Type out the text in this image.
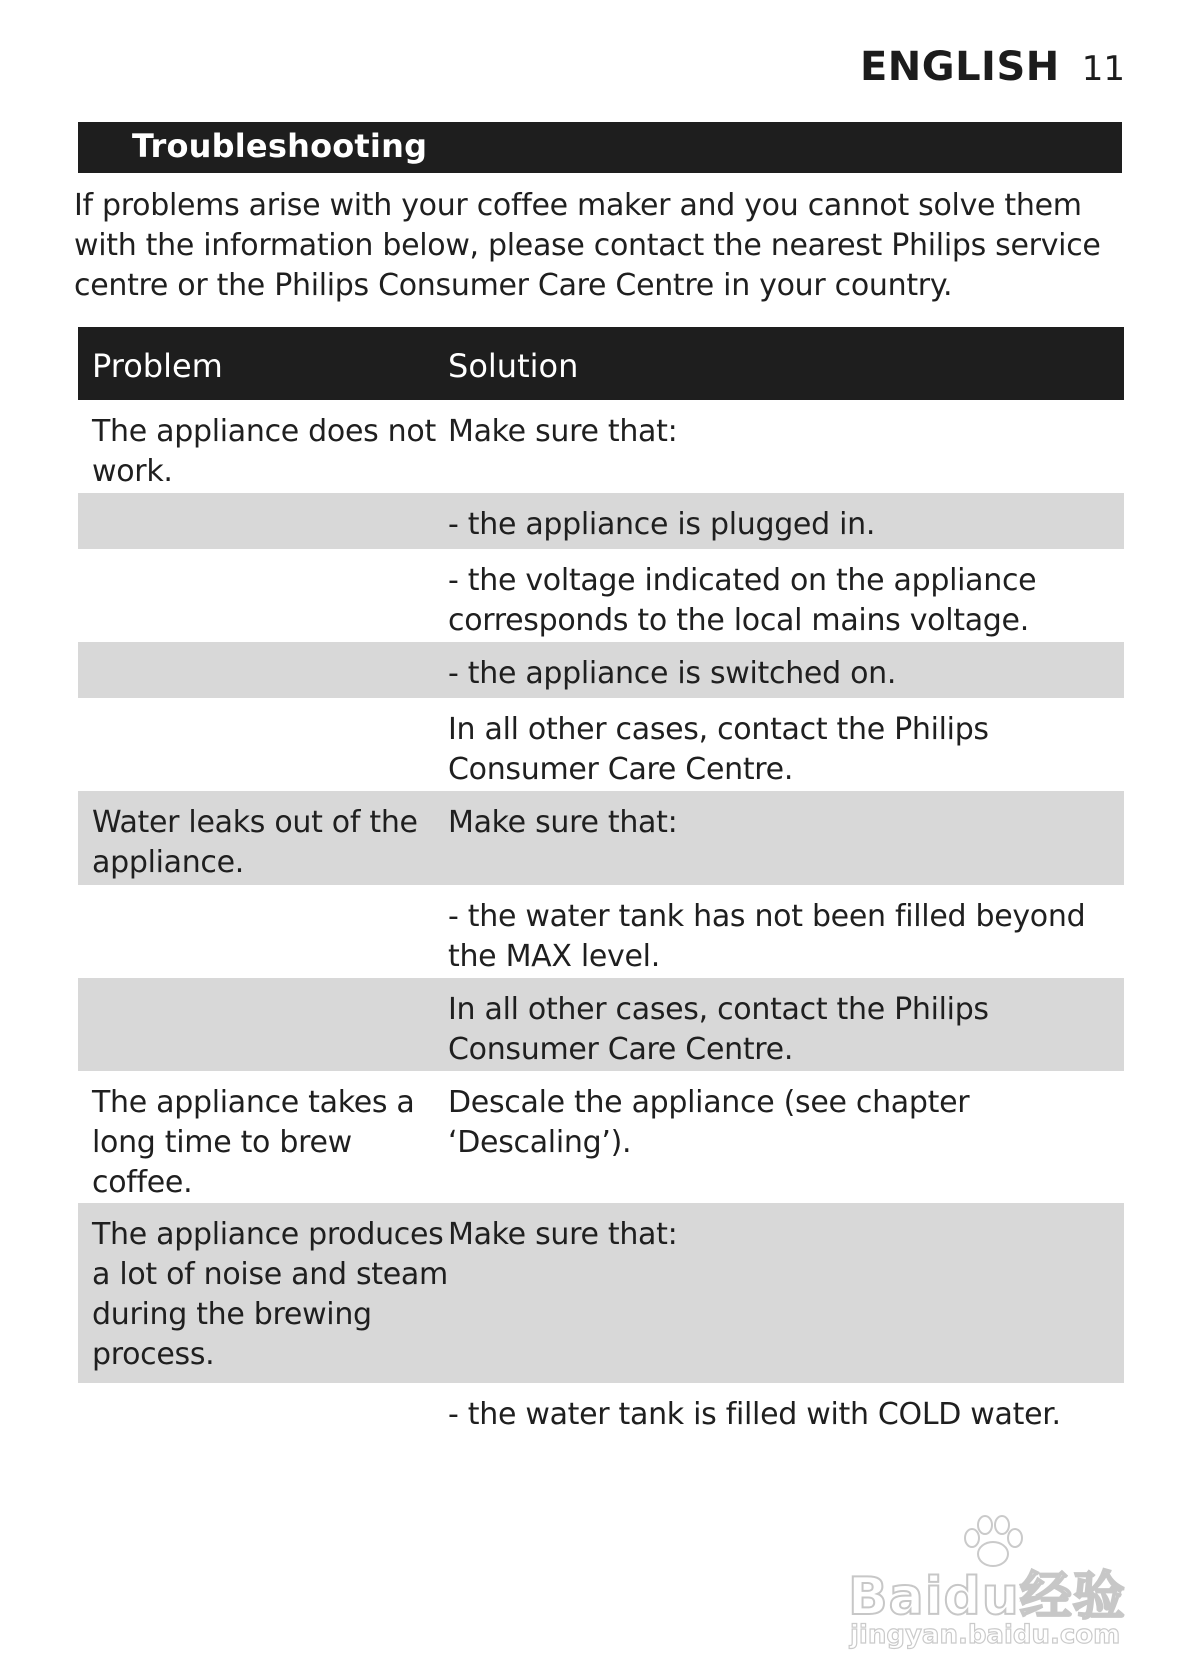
ENGLISH 11
Troubleshooting

If problems arise with your coffee maker and you cannot solve them with the information below, please contact the nearest Philips service centre or the Philips Consumer Care Centre in your country.

Problem	Solution
The appliance does not work.
Make sure that:
- the appliance is plugged in.
- the voltage indicated on the appliance corresponds to the local mains voltage.
- the appliance is switched on.
In all other cases, contact the Philips Consumer Care Centre.
Water leaks out of the appliance.
Make sure that:
- the water tank has not been filled beyond the MAX level.
In all other cases, contact the Philips Consumer Care Centre.
The appliance takes a long time to brew coffee.
Descale the appliance (see chapter ‘Descaling’).
The appliance produces a lot of noise and steam during the brewing process.
Make sure that:
- the water tank is filled with COLD water.
Baidu经验
jingyan.baidu.com
